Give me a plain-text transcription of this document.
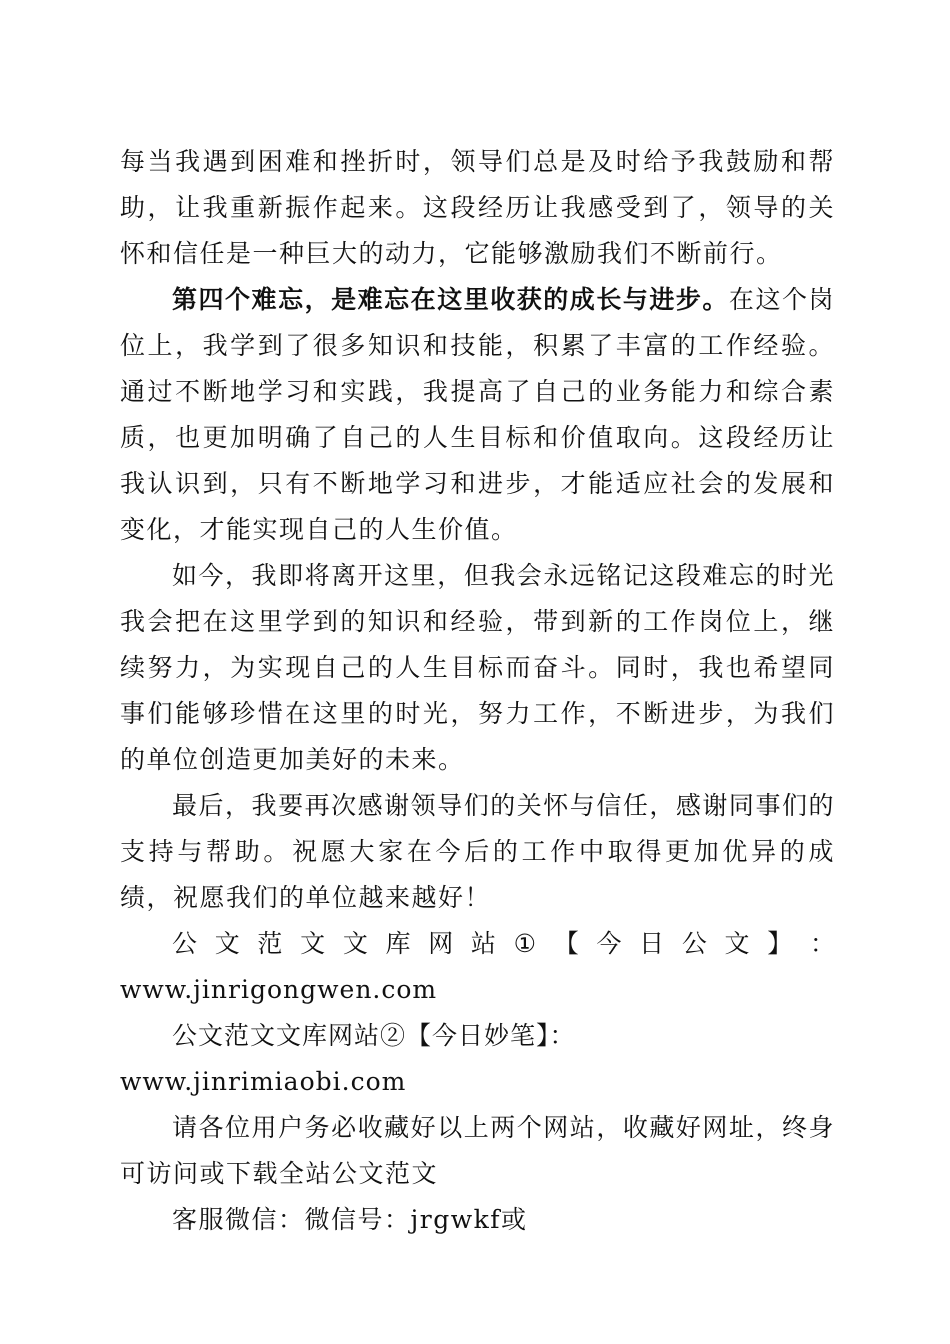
每当我遇到困难和挫折时，领导们总是及时给予我鼓励和帮助，让我重新振作起来。这段经历让我感受到了，领导的关怀和信任是一种巨大的动力，它能够激励我们不断前行。

第四个难忘，是难忘在这里收获的成长与进步。在这个岗位上，我学到了很多知识和技能，积累了丰富的工作经验。通过不断地学习和实践，我提高了自己的业务能力和综合素质，也更加明确了自己的人生目标和价值取向。这段经历让我认识到，只有不断地学习和进步，才能适应社会的发展和变化，才能实现自己的人生价值。

如今，我即将离开这里，但我会永远铭记这段难忘的时光我会把在这里学到的知识和经验，带到新的工作岗位上，继续努力，为实现自己的人生目标而奋斗。同时，我也希望同事们能够珍惜在这里的时光，努力工作，不断进步，为我们的单位创造更加美好的未来。

最后，我要再次感谢领导们的关怀与信任，感谢同事们的支持与帮助。祝愿大家在今后的工作中取得更加优异的成绩，祝愿我们的单位越来越好！

公 文 范 文 文 库 网 站 ① 【 今 日 公 文 】 ：

www.jinrigongwen.com

公文范文文库网站②【今日妙笔】：www.jinrimiaobi.com

请各位用户务必收藏好以上两个网站，收藏好网址，终身可访问或下载全站公文范文

客服微信：微信号：jrgwkf或
